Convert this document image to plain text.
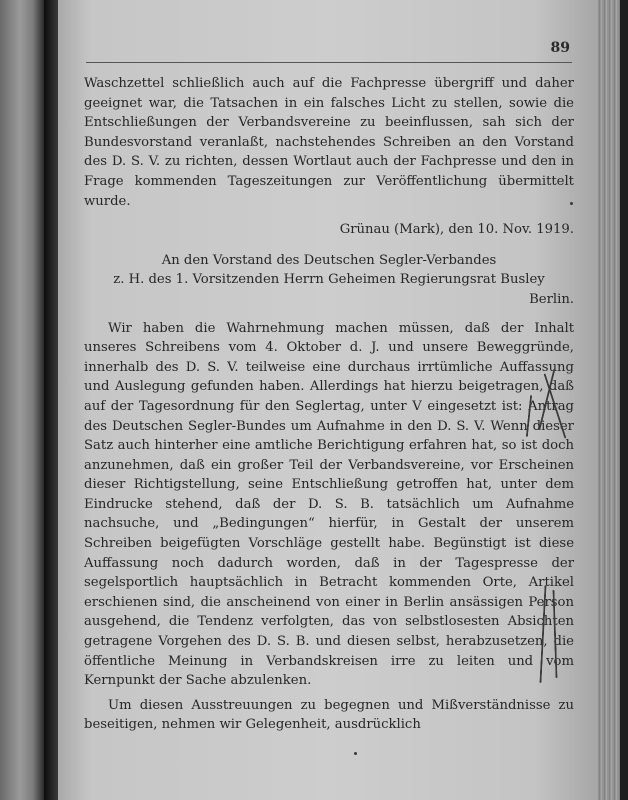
89

Waschzettel schließlich auch auf die Fachpresse übergriff und daher geeignet war, die Tatsachen in ein falsches Licht zu stellen, sowie die Entschließungen der Verbandsvereine zu beeinflussen, sah sich der Bundesvorstand veranlaßt, nachstehendes Schreiben an den Vorstand des D. S. V. zu richten, dessen Wortlaut auch der Fachpresse und den in Frage kommenden Tageszeitungen zur Veröffentlichung übermittelt wurde.

Grünau (Mark), den 10. Nov. 1919.

An den Vorstand des Deutschen Segler-Verbandes
z. H. des 1. Vorsitzenden Herrn Geheimen Regierungsrat Busley
Berlin.

Wir haben die Wahrnehmung machen müssen, daß der Inhalt unseres Schreibens vom 4. Oktober d. J. und unsere Beweggründe, innerhalb des D. S. V. teilweise eine durchaus irrtümliche Auffassung und Auslegung gefunden haben. Allerdings hat hierzu beigetragen, daß auf der Tagesordnung für den Seglertag, unter V eingesetzt ist: Antrag des Deutschen Segler-Bundes um Aufnahme in den D. S. V. Wenn dieser Satz auch hinterher eine amtliche Berichtigung erfahren hat, so ist doch anzunehmen, daß ein großer Teil der Verbandsvereine, vor Erscheinen dieser Richtigstellung, seine Entschließung getroffen hat, unter dem Eindrucke stehend, daß der D. S. B. tatsächlich um Aufnahme nachsuche, und „Bedingungen“ hierfür, in Gestalt der unserem Schreiben beigefügten Vorschläge gestellt habe. Begünstigt ist diese Auffassung noch dadurch worden, daß in der Tagespresse der segelsportlich hauptsächlich in Betracht kommenden Orte, Artikel erschienen sind, die anscheinend von einer in Berlin ansässigen Person ausgehend, die Tendenz verfolgten, das von selbstlosesten Absichten getragene Vorgehen des D. S. B. und diesen selbst, herabzusetzen, die öffentliche Meinung in Verbandskreisen irre zu leiten und vom Kernpunkt der Sache abzulenken.

Um diesen Ausstreuungen zu begegnen und Mißverständnisse zu beseitigen, nehmen wir Gelegenheit, ausdrücklich
